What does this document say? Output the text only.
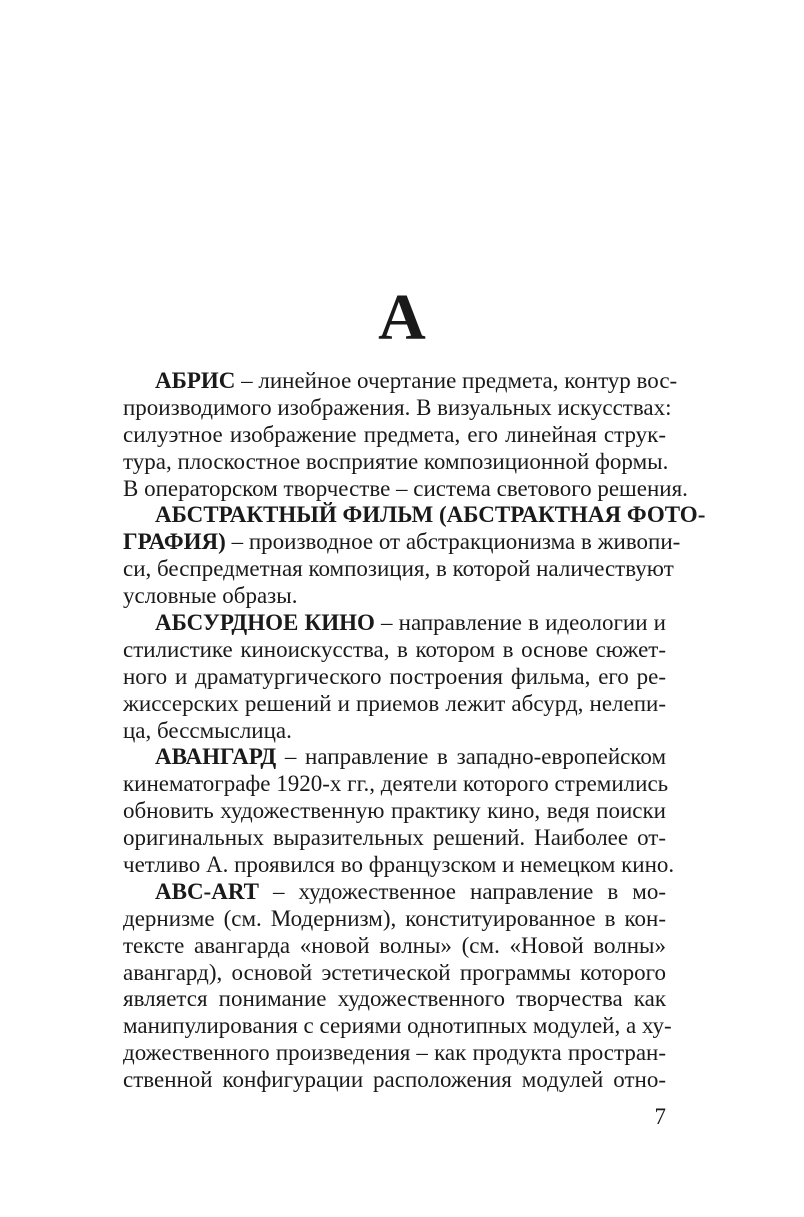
А
АБРИС – линейное очертание предмета, контур вос-
производимого изображения. В визуальных искусствах:
силуэтное изображение предмета, его линейная струк-
тура, плоскостное восприятие композиционной формы.
В операторском творчестве – система светового решения.
АБСТРАКТНЫЙ ФИЛЬМ (АБСТРАКТНАЯ ФОТО-
ГРАФИЯ) – производное от абстракционизма в живопи-
си, беспредметная композиция, в которой наличествуют
условные образы.
АБСУРДНОЕ КИНО – направление в идеологии и
стилистике киноискусства, в котором в основе сюжет-
ного и драматургического построения фильма, его ре-
жиссерских решений и приемов лежит абсурд, нелепи-
ца, бессмыслица.
АВАНГАРД – направление в западно-европейском
кинематографе 1920-х гг., деятели которого стремились
обновить художественную практику кино, ведя поиски
оригинальных выразительных решений. Наиболее от-
четливо А. проявился во французском и немецком кино.
ABC-ART – художественное направление в мо-
дернизме (см. Модернизм), конституированное в кон-
тексте авангарда «новой волны» (см. «Новой волны»
авангард), основой эстетической программы которого
является понимание художественного творчества как
манипулирования с сериями однотипных модулей, а ху-
дожественного произведения – как продукта простран-
ственной конфигурации расположения модулей отно-
7
